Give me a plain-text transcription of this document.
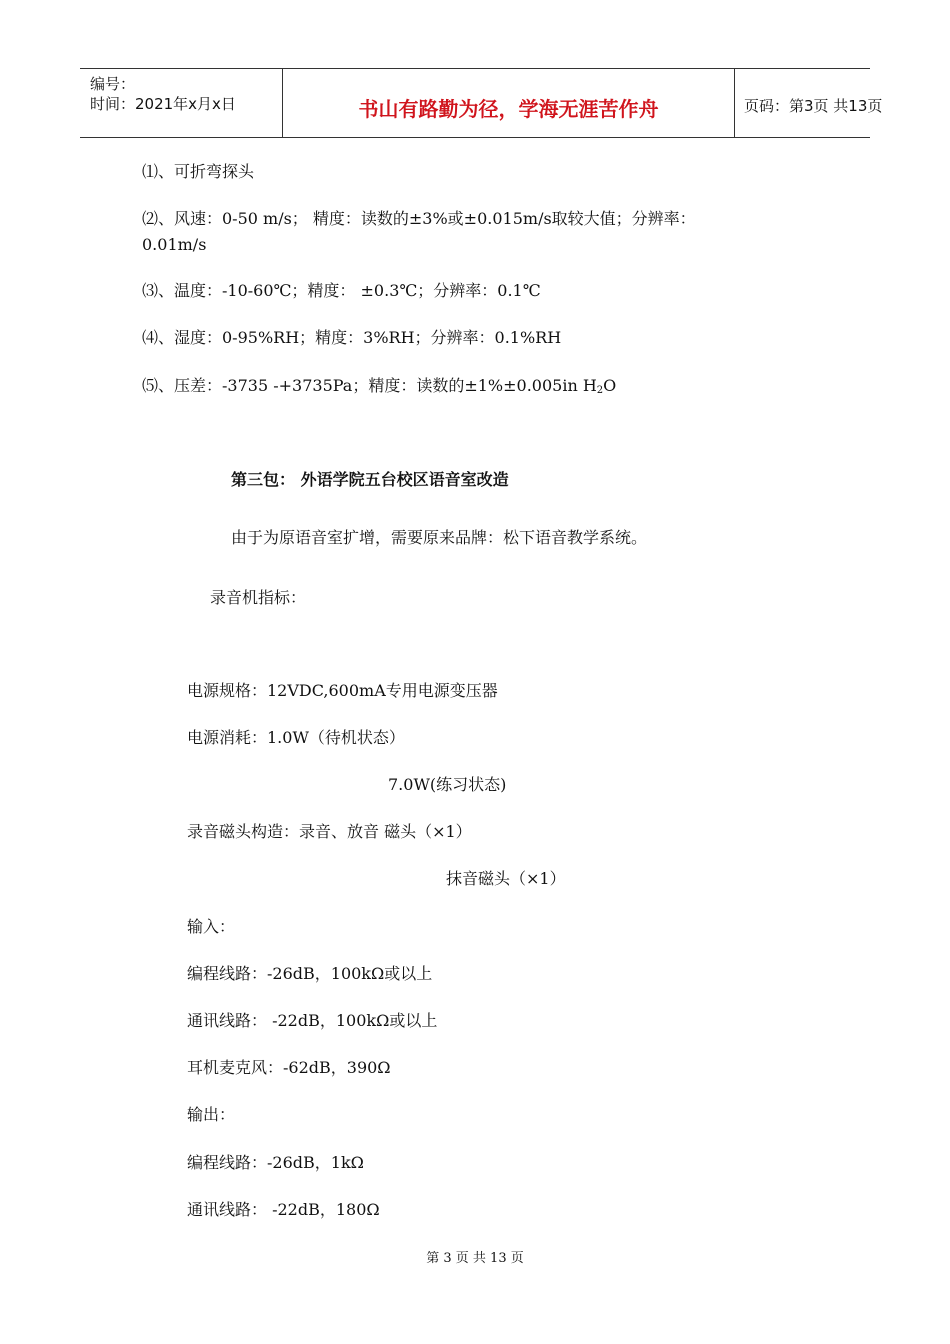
编号：
时间：2021年x月x日	书山有路勤为径，学海无涯苦作舟	页码：第3页 共13页
⑴、可折弯探头
⑵、风速：0-50 m/s； 精度：读数的±3%或±0.015m/s取较大值；分辨率：
0.01m/s
⑶、温度：-10-60℃；精度： ±0.3℃；分辨率：0.1℃
⑷、湿度：0-95%RH；精度：3%RH；分辨率：0.1%RH
⑸、压差：-3735 -+3735Pa；精度：读数的±1%±0.005in $H_2O$
第三包： 外语学院五台校区语音室改造
由于为原语音室扩增，需要原来品牌：松下语音教学系统。
录音机指标：
电源规格：12VDC,600mA专用电源变压器
电源消耗：1.0W（待机状态）
7.0W(练习状态)
录音磁头构造：录音、放音 磁头（×1）
抹音磁头（×1）
输入：
编程线路：-26dB，100kΩ或以上
通讯线路： -22dB，100kΩ或以上
耳机麦克风：-62dB，390Ω
输出：
编程线路：-26dB，1kΩ
通讯线路： -22dB，180Ω
第 3 页 共 13 页
